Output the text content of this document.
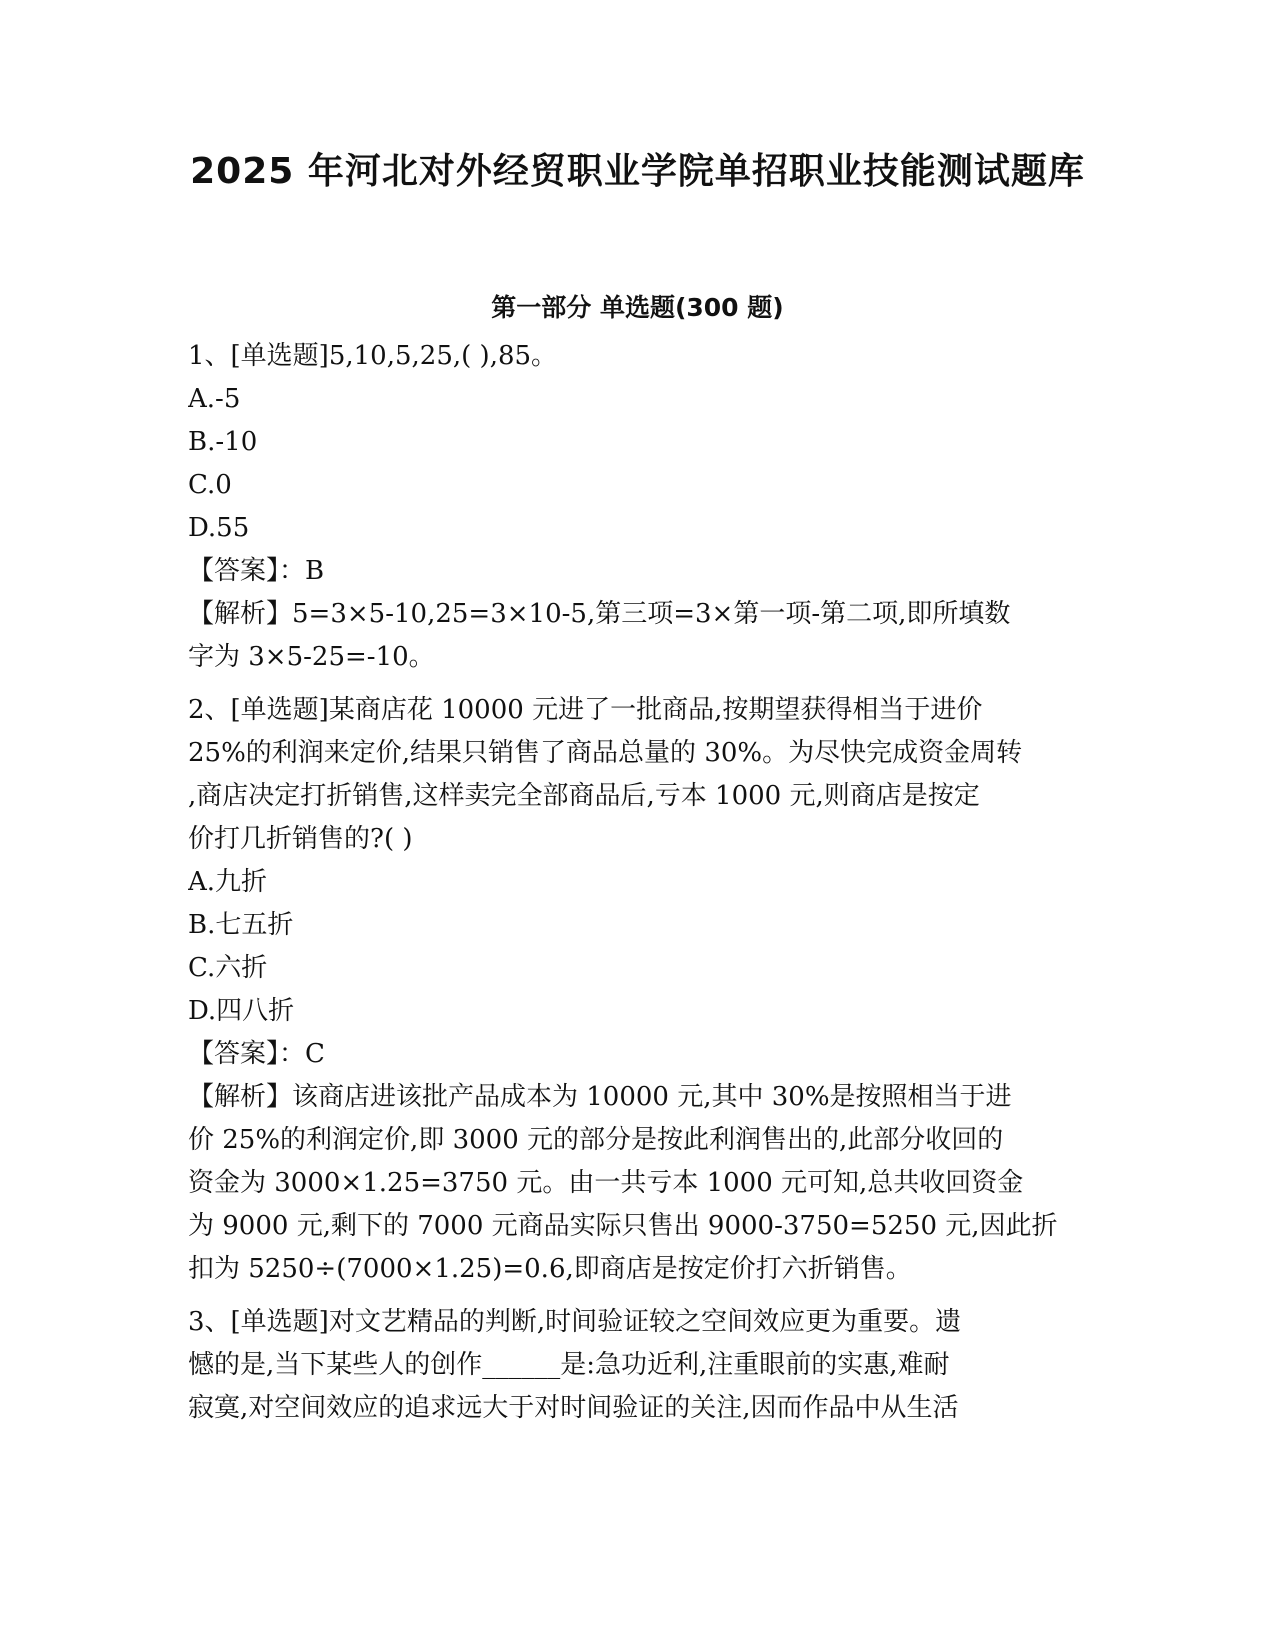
2025 年河北对外经贸职业学院单招职业技能测试题库
第一部分 单选题(300 题)
1、[单选题]5,10,5,25,( ),85。
A.-5
B.-10
C.0
D.55
【答案】：B
【解析】5=3×5-10,25=3×10-5,第三项=3×第一项-第二项,即所填数
字为 3×5-25=-10。
2、[单选题]某商店花 10000 元进了一批商品,按期望获得相当于进价
25%的利润来定价,结果只销售了商品总量的 30%。为尽快完成资金周转
,商店决定打折销售,这样卖完全部商品后,亏本 1000 元,则商店是按定
价打几折销售的?( )
A.九折
B.七五折
C.六折
D.四八折
【答案】：C
【解析】该商店进该批产品成本为 10000 元,其中 30%是按照相当于进
价 25%的利润定价,即 3000 元的部分是按此利润售出的,此部分收回的
资金为 3000×1.25=3750 元。由一共亏本 1000 元可知,总共收回资金
为 9000 元,剩下的 7000 元商品实际只售出 9000-3750=5250 元,因此折
扣为 5250÷(7000×1.25)=0.6,即商店是按定价打六折销售。
3、[单选题]对文艺精品的判断,时间验证较之空间效应更为重要。遗
憾的是,当下某些人的创作______是:急功近利,注重眼前的实惠,难耐
寂寞,对空间效应的追求远大于对时间验证的关注,因而作品中从生活
